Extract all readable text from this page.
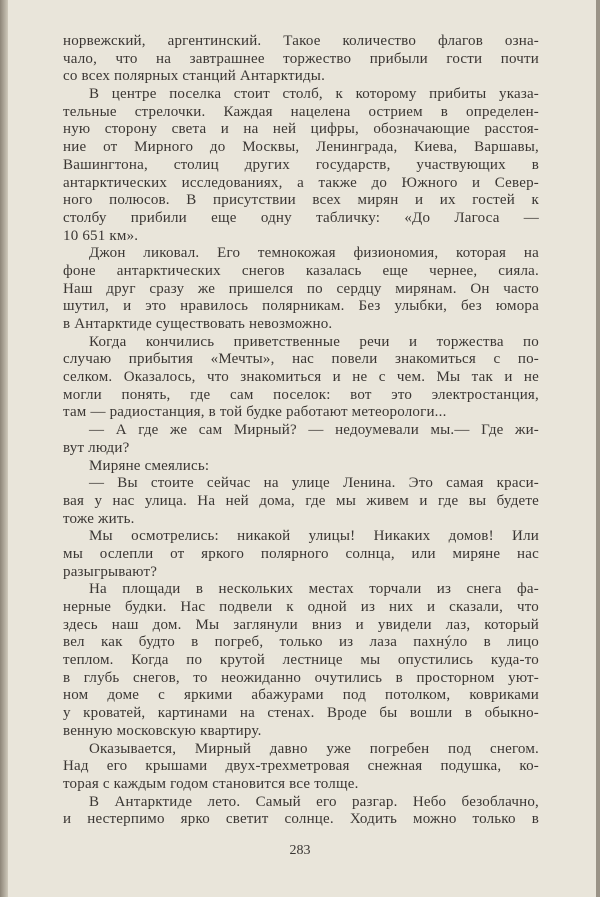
норвежский, аргентинский. Такое количество флагов озна-
чало, что на завтрашнее торжество прибыли гости почти
со всех полярных станций Антарктиды.
В центре поселка стоит столб, к которому прибиты указа-
тельные стрелочки. Каждая нацелена острием в определен-
ную сторону света и на ней цифры, обозначающие расстоя-
ние от Мирного до Москвы, Ленинграда, Киева, Варшавы,
Вашингтона, столиц других государств, участвующих в
антарктических исследованиях, а также до Южного и Север-
ного полюсов. В присутствии всех мирян и их гостей к
столбу прибили еще одну табличку: «До Лагоса —
10 651 км».
Джон ликовал. Его темнокожая физиономия, которая на
фоне антарктических снегов казалась еще чернее, сияла.
Наш друг сразу же пришелся по сердцу мирянам. Он часто
шутил, и это нравилось полярникам. Без улыбки, без юмора
в Антарктиде существовать невозможно.
Когда кончились приветственные речи и торжества по
случаю прибытия «Мечты», нас повели знакомиться с по-
селком. Оказалось, что знакомиться и не с чем. Мы так и не
могли понять, где сам поселок: вот это электростанция,
там — радиостанция, в той будке работают метеорологи...
— А где же сам Мирный? — недоумевали мы.— Где жи-
вут люди?
Миряне смеялись:
— Вы стоите сейчас на улице Ленина. Это самая краси-
вая у нас улица. На ней дома, где мы живем и где вы будете
тоже жить.
Мы осмотрелись: никакой улицы! Никаких домов! Или
мы ослепли от яркого полярного солнца, или миряне нас
разыгрывают?
На площади в нескольких местах торчали из снега фа-
нерные будки. Нас подвели к одной из них и сказали, что
здесь наш дом. Мы заглянули вниз и увидели лаз, который
вел как будто в погреб, только из лаза пахнýло в лицо
теплом. Когда по крутой лестнице мы опустились куда-то
в глубь снегов, то неожиданно очутились в просторном уют-
ном доме с яркими абажурами под потолком, ковриками
у кроватей, картинами на стенах. Вроде бы вошли в обыкно-
венную московскую квартиру.
Оказывается, Мирный давно уже погребен под снегом.
Над его крышами двух-трехметровая снежная подушка, ко-
торая с каждым годом становится все толще.
В Антарктиде лето. Самый его разгар. Небо безоблачно,
и нестерпимо ярко светит солнце. Ходить можно только в
283
